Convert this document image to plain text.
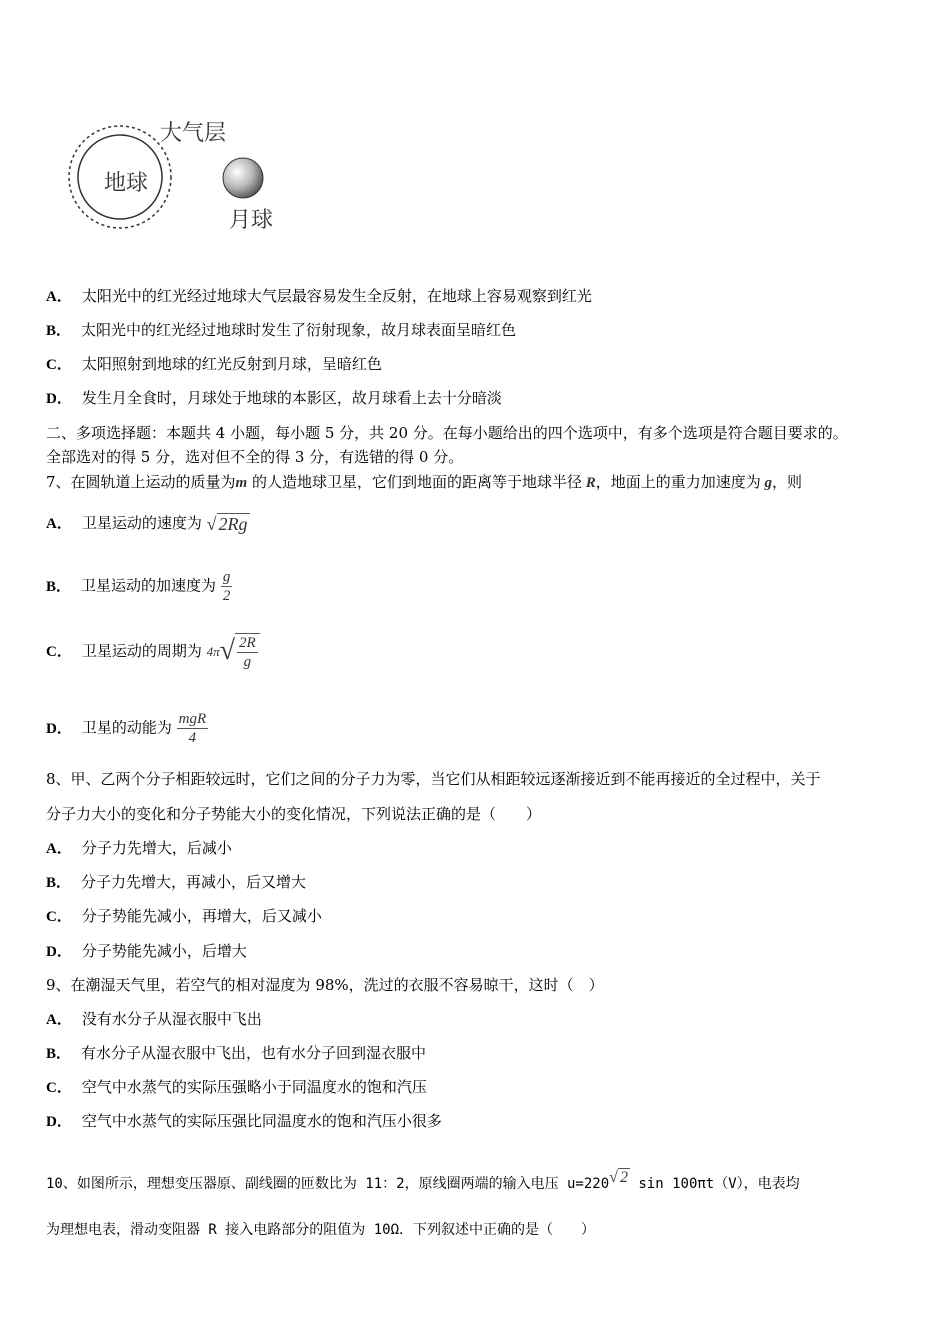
大气层
地球
月球
A． 太阳光中的红光经过地球大气层最容易发生全反射，在地球上容易观察到红光
B． 太阳光中的红光经过地球时发生了衍射现象，故月球表面呈暗红色
C． 太阳照射到地球的红光反射到月球，呈暗红色
D． 发生月全食时，月球处于地球的本影区，故月球看上去十分暗淡
二、多项选择题：本题共 4 小题，每小题 5 分，共 20 分。在每小题给出的四个选项中，有多个选项是符合题目要求的。
全部选对的得 5 分，选对但不全的得 3 分，有选错的得 0 分。
7、在圆轨道上运动的质量为m 的人造地球卫星，它们到地面的距离等于地球半径 R，地面上的重力加速度为 g，则
A． 卫星运动的速度为 √ 2Rg
B． 卫星运动的加速度为 $\frac{g}{2}$
C． 卫星运动的周期为 $4\pi√ \frac{2R}{g}$
D． 卫星的动能为 $\frac{\text{mgR}}{4}$
8、甲、乙两个分子相距较远时，它们之间的分子力为零，当它们从相距较远逐渐接近到不能再接近的全过程中，关于
分子力大小的变化和分子势能大小的变化情况，下列说法正确的是（　　）
A． 分子力先增大，后减小
B． 分子力先增大，再减小，后又增大
C． 分子势能先减小，再增大，后又减小
D． 分子势能先减小，后增大
9、在潮湿天气里，若空气的相对湿度为 98%，洗过的衣服不容易晾干，这时（　）
A． 没有水分子从湿衣服中飞出
B． 有水分子从湿衣服中飞出，也有水分子回到湿衣服中
C． 空气中水蒸气的实际压强略小于同温度水的饱和汽压
D． 空气中水蒸气的实际压强比同温度水的饱和汽压小很多
10、如图所示，理想变压器原、副线圈的匝数比为 11：2，原线圈两端的输入电压 u=220√ 2 sin 100πt（V），电表均
为理想电表，滑动变阻器 R 接入电路部分的阻值为 10Ω．下列叙述中正确的是（　　）
